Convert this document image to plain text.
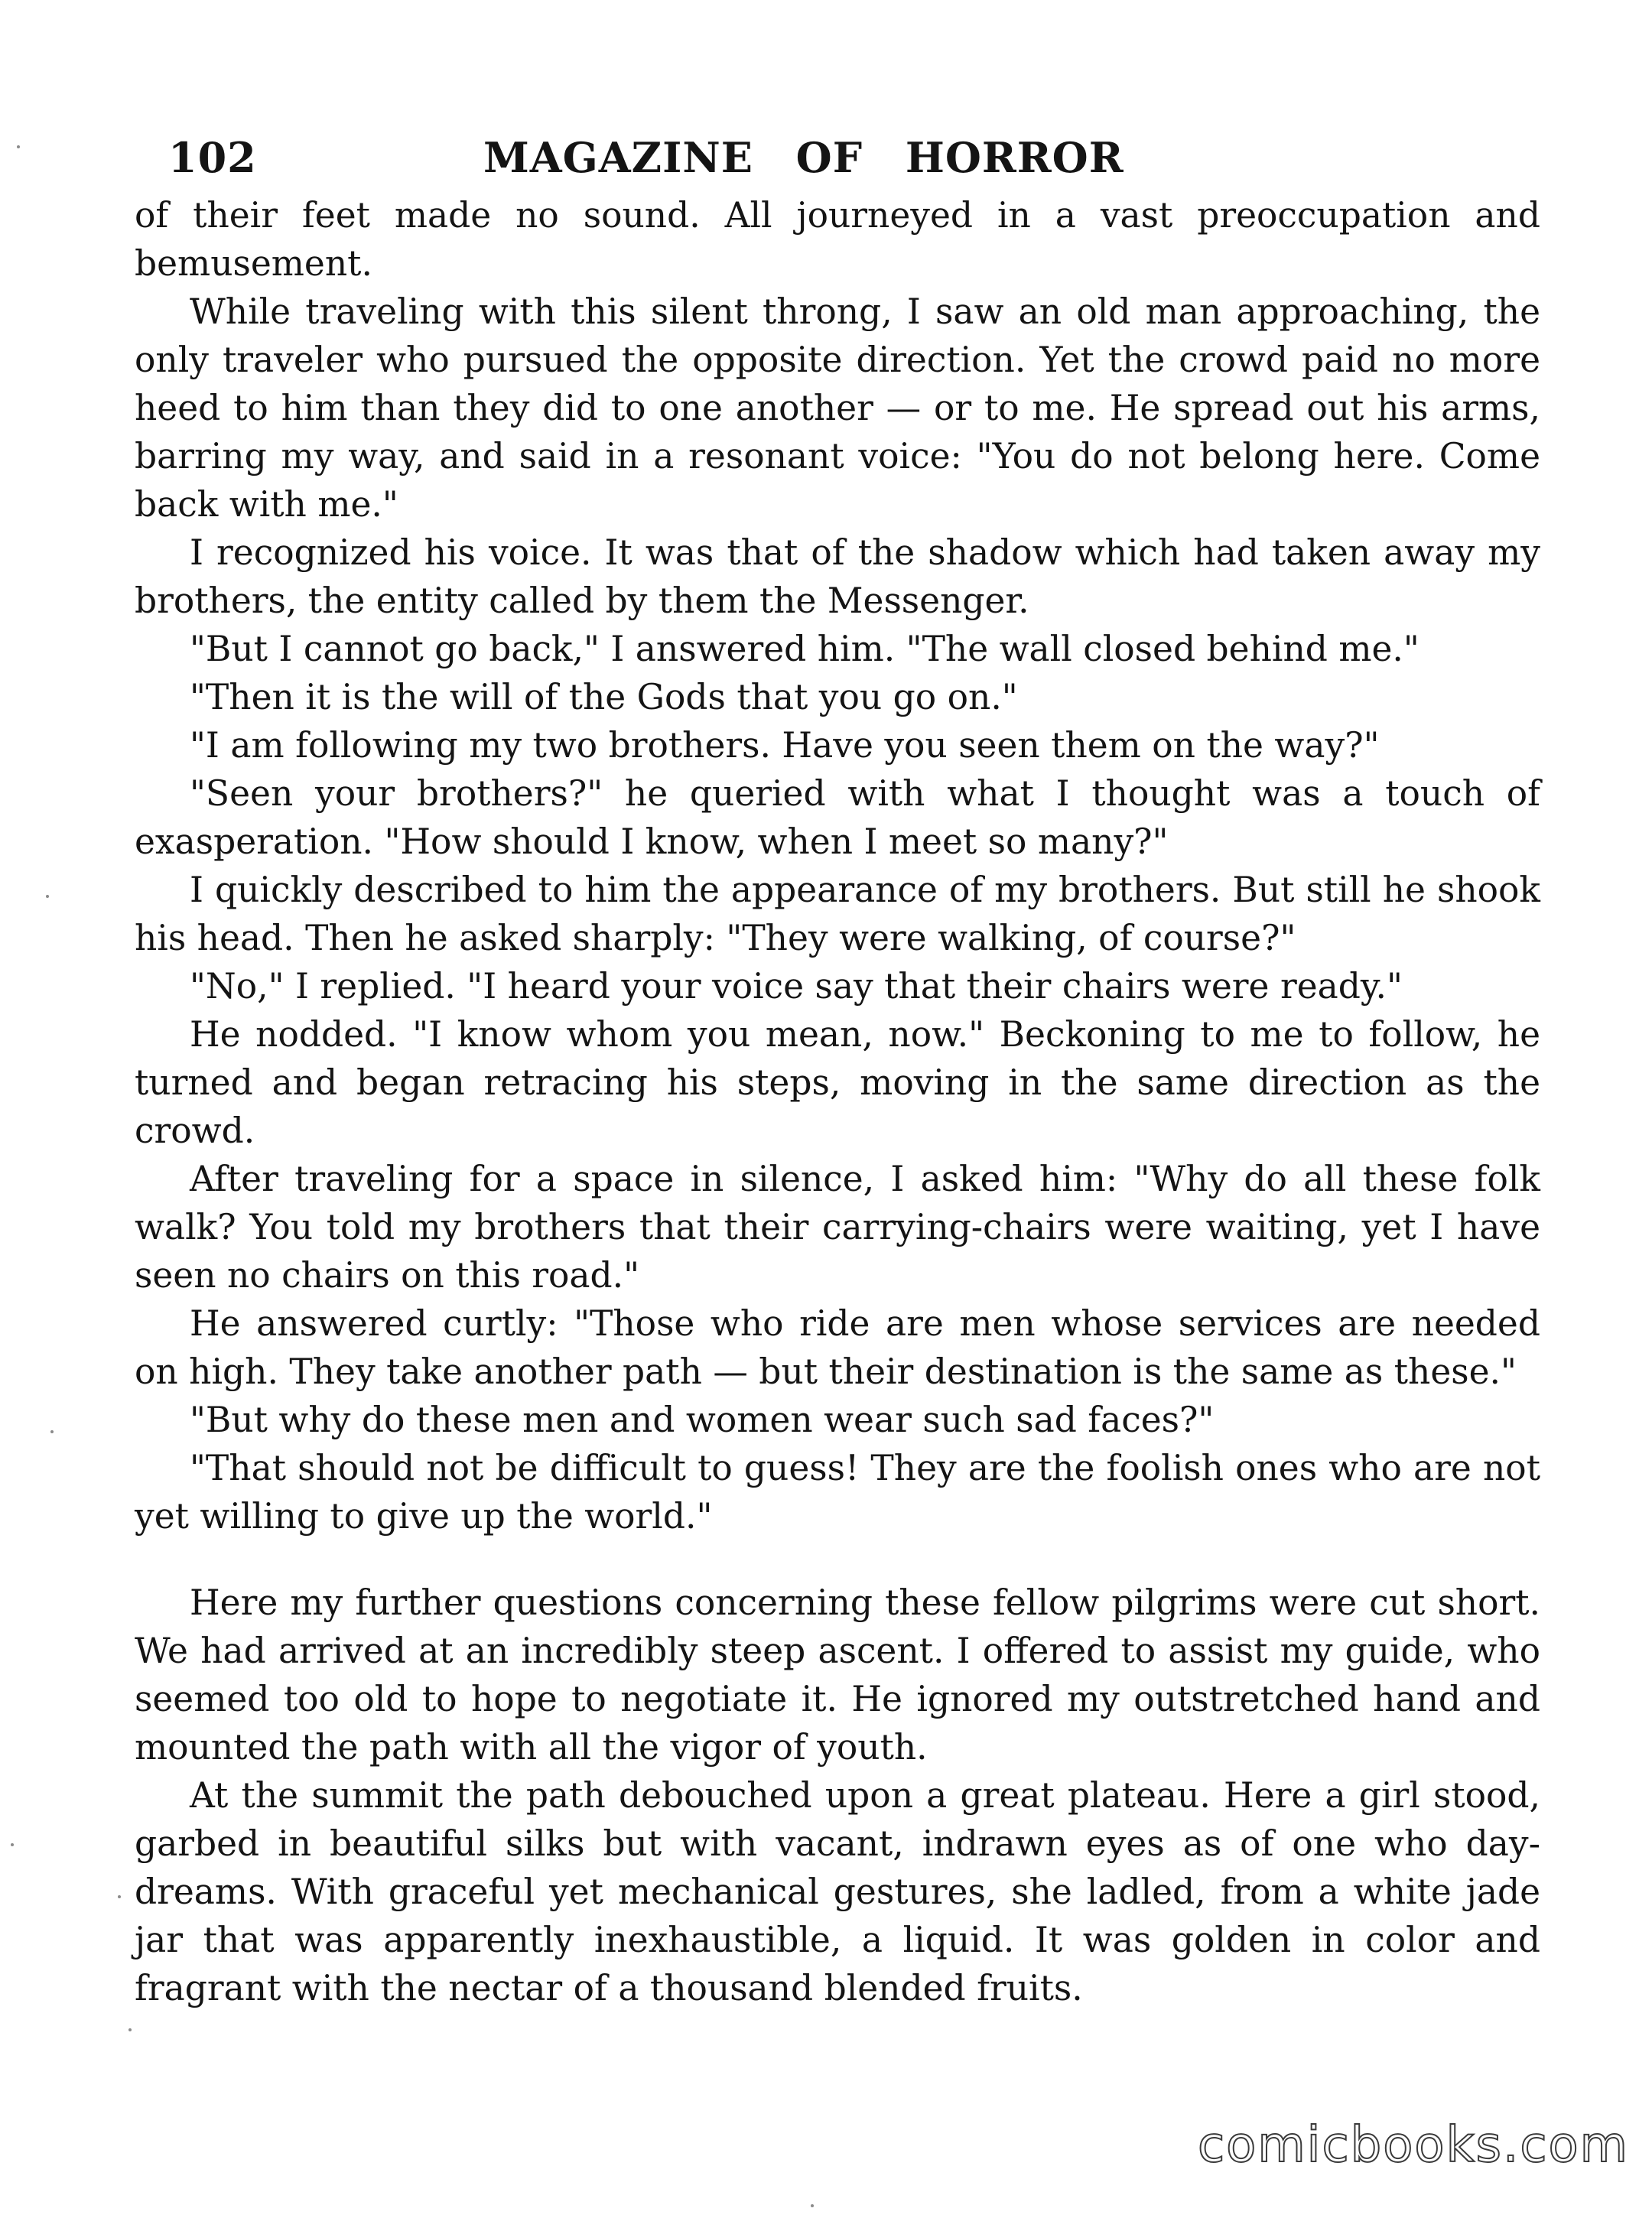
102	MAGAZINE OF HORROR

of their feet made no sound. All journeyed in a vast preoccupation and bemusement.

While traveling with this silent throng, I saw an old man approaching, the only traveler who pursued the opposite direction. Yet the crowd paid no more heed to him than they did to one another — or to me. He spread out his arms, barring my way, and said in a resonant voice: "You do not belong here. Come back with me."

I recognized his voice. It was that of the shadow which had taken away my brothers, the entity called by them the Messenger.

"But I cannot go back," I answered him. "The wall closed behind me."

"Then it is the will of the Gods that you go on."

"I am following my two brothers. Have you seen them on the way?"

"Seen your brothers?" he queried with what I thought was a touch of exasperation. "How should I know, when I meet so many?"

I quickly described to him the appearance of my brothers. But still he shook his head. Then he asked sharply: "They were walking, of course?"

"No," I replied. "I heard your voice say that their chairs were ready."

He nodded. "I know whom you mean, now." Beckoning to me to follow, he turned and began retracing his steps, moving in the same direction as the crowd.

After traveling for a space in silence, I asked him: "Why do all these folk walk? You told my brothers that their carrying-chairs were waiting, yet I have seen no chairs on this road."

He answered curtly: "Those who ride are men whose services are needed on high. They take another path — but their destination is the same as these."

"But why do these men and women wear such sad faces?"

"That should not be difficult to guess! They are the foolish ones who are not yet willing to give up the world."

Here my further questions concerning these fellow pilgrims were cut short. We had arrived at an incredibly steep ascent. I offered to assist my guide, who seemed too old to hope to negotiate it. He ignored my outstretched hand and mounted the path with all the vigor of youth.

At the summit the path debouched upon a great plateau. Here a girl stood, garbed in beautiful silks but with vacant, indrawn eyes as of one who day-dreams. With graceful yet mechanical gestures, she ladled, from a white jade jar that was apparently inexhaustible, a liquid. It was golden in color and fragrant with the nectar of a thousand blended fruits.

comicbooks.com
